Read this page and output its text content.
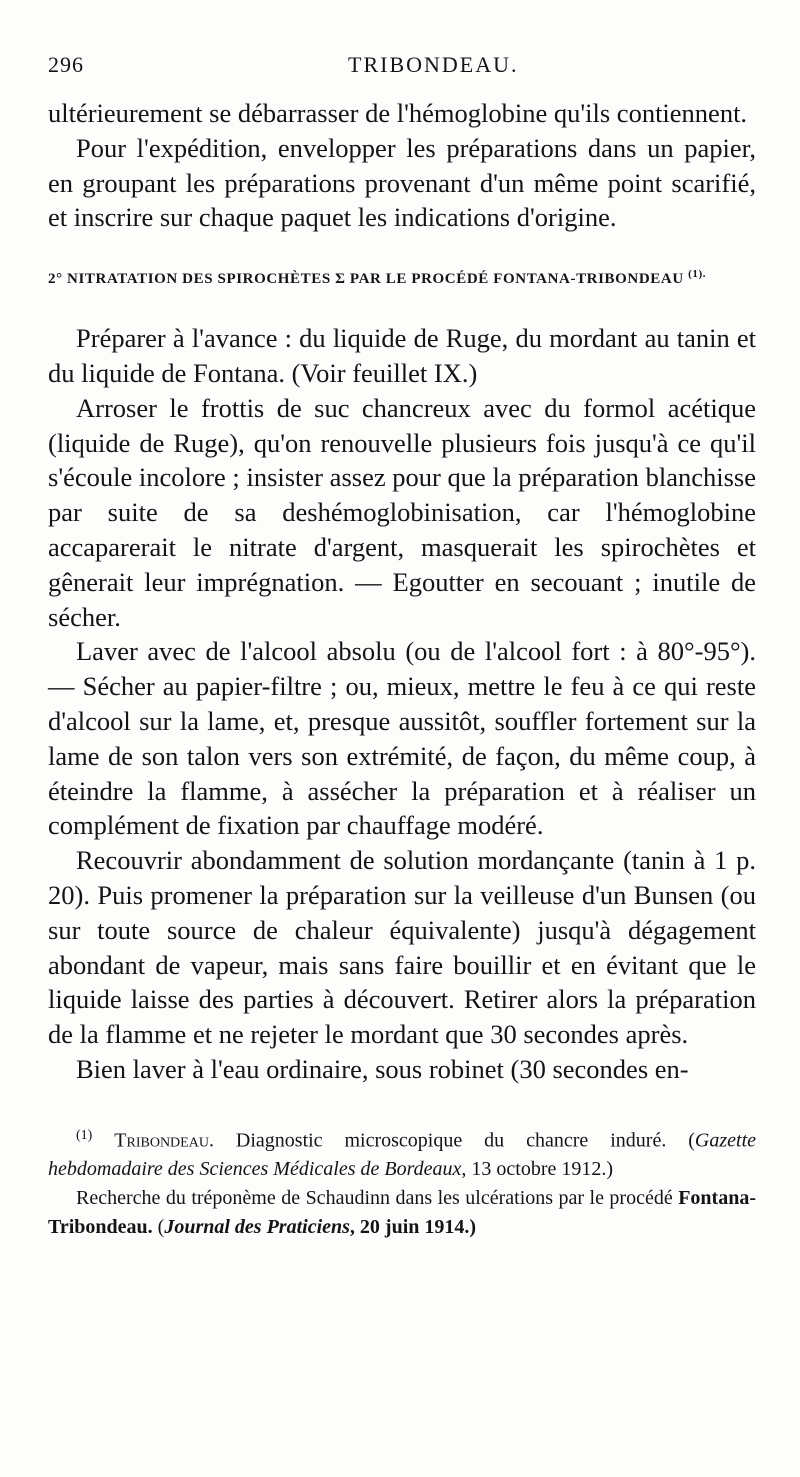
296	TRIBONDEAU.

ultérieurement se débarrasser de l'hémoglobine qu'ils contiennent.

Pour l'expédition, envelopper les préparations dans un papier, en groupant les préparations provenant d'un même point scarifié, et inscrire sur chaque paquet les indications d'origine.

2° NITRATATION DES SPIROCHÈTES Σ PAR LE PROCÉDÉ FONTANA-TRIBONDEAU $^{(1).}$

Préparer à l'avance : du liquide de Ruge, du mordant au tanin et du liquide de Fontana. (Voir feuillet IX.)

Arroser le frottis de suc chancreux avec du formol acétique (liquide de Ruge), qu'on renouvelle plusieurs fois jusqu'à ce qu'il s'écoule incolore ; insister assez pour que la préparation blanchisse par suite de sa deshémoglobinisation, car l'hémoglobine accaparerait le nitrate d'argent, masquerait les spirochètes et gênerait leur imprégnation. — Egoutter en secouant ; inutile de sécher.

Laver avec de l'alcool absolu (ou de l'alcool fort : à 80°-95°). — Sécher au papier-filtre ; ou, mieux, mettre le feu à ce qui reste d'alcool sur la lame, et, presque aussitôt, souffler fortement sur la lame de son talon vers son extrémité, de façon, du même coup, à éteindre la flamme, à assécher la préparation et à réaliser un complément de fixation par chauffage modéré.

Recouvrir abondamment de solution mordançante (tanin à 1 p. 20). Puis promener la préparation sur la veilleuse d'un Bunsen (ou sur toute source de chaleur équivalente) jusqu'à dégagement abondant de vapeur, mais sans faire bouillir et en évitant que le liquide laisse des parties à découvert. Retirer alors la préparation de la flamme et ne rejeter le mordant que 30 secondes après.

Bien laver à l'eau ordinaire, sous robinet (30 secondes en-

$^{(1)}$ Tribondeau. Diagnostic microscopique du chancre induré. (Gazette hebdomadaire des Sciences Médicales de Bordeaux, 13 octobre 1912.)

Recherche du tréponème de Schaudinn dans les ulcérations par le procédé Fontana-Tribondeau. (Journal des Praticiens, 20 juin 1914.)
